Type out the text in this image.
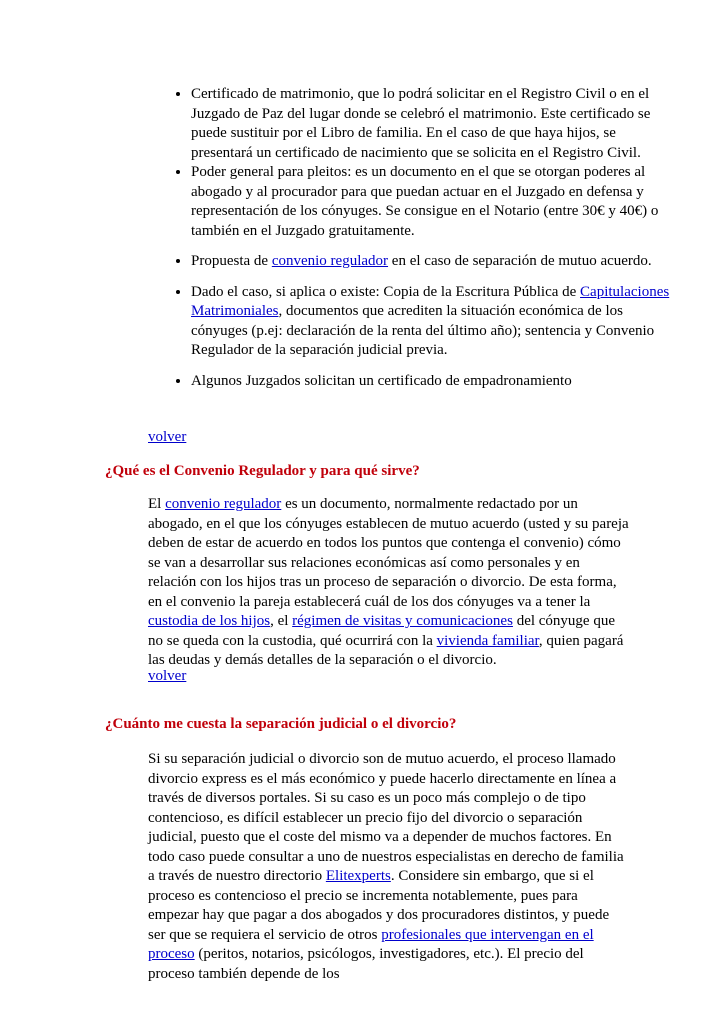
• Certificado de matrimonio, que lo podrá solicitar en el Registro Civil o en el Juzgado de Paz del lugar donde se celebró el matrimonio. Este certificado se puede sustituir por el Libro de familia. En el caso de que haya hijos, se presentará un certificado de nacimiento que se solicita en el Registro Civil.
• Poder general para pleitos: es un documento en el que se otorgan poderes al abogado y al procurador para que puedan actuar en el Juzgado en defensa y representación de los cónyuges. Se consigue en el Notario (entre 30€ y 40€) o también en el Juzgado gratuitamente.
• Propuesta de convenio regulador en el caso de separación de mutuo acuerdo.
• Dado el caso, si aplica o existe: Copia de la Escritura Pública de Capitulaciones Matrimoniales, documentos que acrediten la situación económica de los cónyuges (p.ej: declaración de la renta del último año); sentencia y Convenio Regulador de la separación judicial previa.
• Algunos Juzgados solicitan un certificado de empadronamiento
volver
¿Qué es el Convenio Regulador y para qué sirve?

El convenio regulador es un documento, normalmente redactado por un abogado, en el que los cónyuges establecen de mutuo acuerdo (usted y su pareja deben de estar de acuerdo en todos los puntos que contenga el convenio) cómo se van a desarrollar sus relaciones económicas así como personales y en relación con los hijos tras un proceso de separación o divorcio. De esta forma, en el convenio la pareja establecerá cuál de los dos cónyuges va a tener la custodia de los hijos, el régimen de visitas y comunicaciones del cónyuge que no se queda con la custodia, qué ocurrirá con la vivienda familiar, quien pagará las deudas y demás detalles de la separación o el divorcio.

volver
¿Cuánto me cuesta la separación judicial o el divorcio?

Si su separación judicial o divorcio son de mutuo acuerdo, el proceso llamado divorcio express es el más económico y puede hacerlo directamente en línea a través de diversos portales. Si su caso es un poco más complejo o de tipo contencioso, es difícil establecer un precio fijo del divorcio o separación judicial, puesto que el coste del mismo va a depender de muchos factores. En todo caso puede consultar a uno de nuestros especialistas en derecho de familia a través de nuestro directorio Elitexperts. Considere sin embargo, que si el proceso es contencioso el precio se incrementa notablemente, pues para empezar hay que pagar a dos abogados y dos procuradores distintos, y puede ser que se requiera el servicio de otros profesionales que intervengan en el proceso (peritos, notarios, psicólogos, investigadores, etc.). El precio del proceso también depende de los
